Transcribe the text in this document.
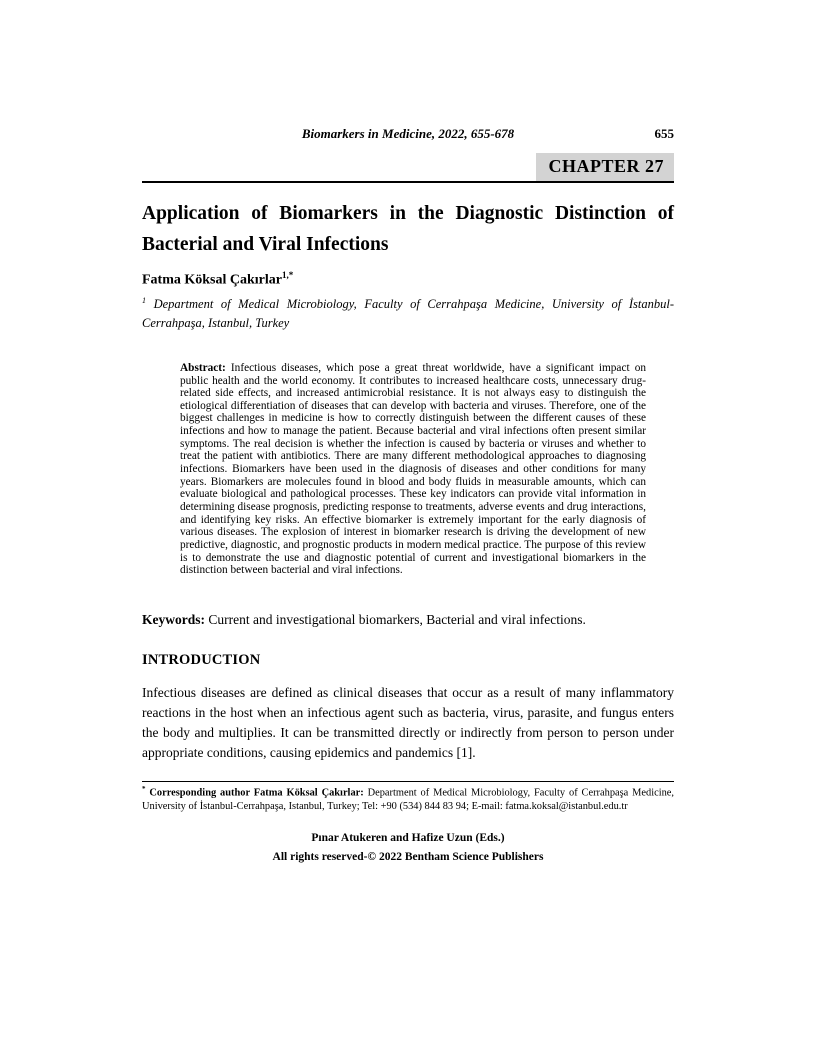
Biomarkers in Medicine, 2022, 655-678	655
CHAPTER 27
Application of Biomarkers in the Diagnostic Distinction of Bacterial and Viral Infections
Fatma Köksal Çakırlar$^{1,*}$
$^1$ Department of Medical Microbiology, Faculty of Cerrahpaşa Medicine, University of İstanbul-Cerrahpaşa, Istanbul, Turkey
Abstract: Infectious diseases, which pose a great threat worldwide, have a significant impact on public health and the world economy. It contributes to increased healthcare costs, unnecessary drug-related side effects, and increased antimicrobial resistance. It is not always easy to distinguish the etiological differentiation of diseases that can develop with bacteria and viruses. Therefore, one of the biggest challenges in medicine is how to correctly distinguish between the different causes of these infections and how to manage the patient. Because bacterial and viral infections often present similar symptoms. The real decision is whether the infection is caused by bacteria or viruses and whether to treat the patient with antibiotics. There are many different methodological approaches to diagnosing infections. Biomarkers have been used in the diagnosis of diseases and other conditions for many years. Biomarkers are molecules found in blood and body fluids in measurable amounts, which can evaluate biological and pathological processes. These key indicators can provide vital information in determining disease prognosis, predicting response to treatments, adverse events and drug interactions, and identifying key risks. An effective biomarker is extremely important for the early diagnosis of various diseases. The explosion of interest in biomarker research is driving the development of new predictive, diagnostic, and prognostic products in modern medical practice. The purpose of this review is to demonstrate the use and diagnostic potential of current and investigational biomarkers in the distinction between bacterial and viral infections.
Keywords: Current and investigational biomarkers, Bacterial and viral infections.
INTRODUCTION

Infectious diseases are defined as clinical diseases that occur as a result of many inflammatory reactions in the host when an infectious agent such as bacteria, virus, parasite, and fungus enters the body and multiplies. It can be transmitted directly or indirectly from person to person under appropriate conditions, causing epidemics and pandemics [1].

* Corresponding author Fatma Köksal Çakırlar: Department of Medical Microbiology, Faculty of Cerrahpaşa Medicine, University of İstanbul-Cerrahpaşa, Istanbul, Turkey; Tel: +90 (534) 844 83 94; E-mail: fatma.koksal@istanbul.edu.tr
Pınar Atukeren and Hafize Uzun (Eds.)
All rights reserved-© 2022 Bentham Science Publishers
